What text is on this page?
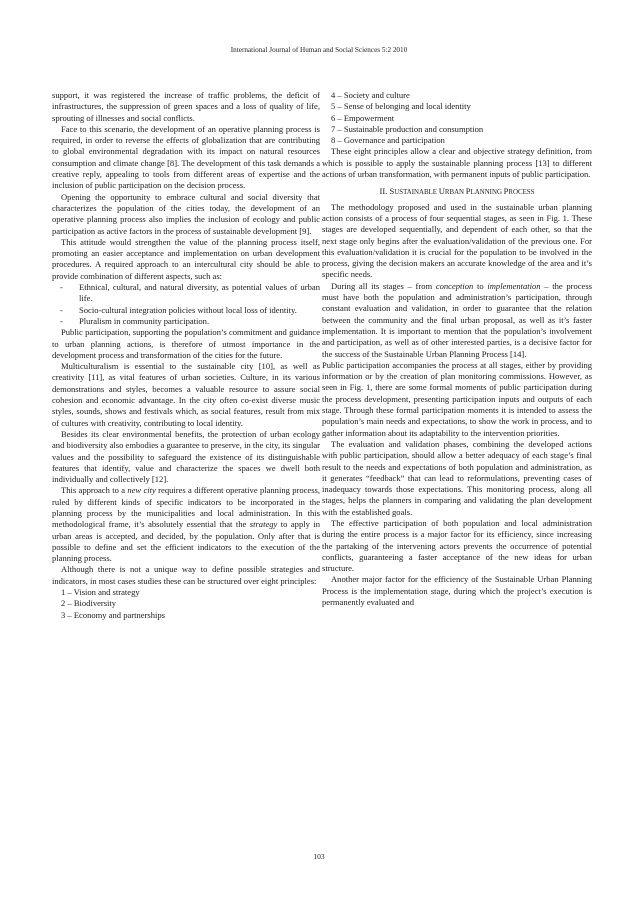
International Journal of Human and Social Sciences 5:2 2010

support, it was registered the increase of traffic problems, the deficit of infrastructures, the suppression of green spaces and a loss of quality of life, sprouting of illnesses and social conflicts.

Face to this scenario, the development of an operative planning process is required, in order to reverse the effects of globalization that are contributing to global environmental degradation with its impact on natural resources consumption and climate change [8]. The development of this task demands a creative reply, appealing to tools from different areas of expertise and the inclusion of public participation on the decision process.

Opening the opportunity to embrace cultural and social diversity that characterizes the population of the cities today, the development of an operative planning process also implies the inclusion of ecology and public participation as active factors in the process of sustainable development [9].

This attitude would strengthen the value of the planning process itself, promoting an easier acceptance and implementation on urban development procedures. A required approach to an intercultural city should be able to provide combination of different aspects, such as:

- Ethnical, cultural, and natural diversity, as potential values of urban life.
- Socio-cultural integration policies without local loss of identity.
- Pluralism in community participation.

Public participation, supporting the population’s commitment and guidance to urban planning actions, is therefore of utmost importance in the development process and transformation of the cities for the future.

Multiculturalism is essential to the sustainable city [10], as well as creativity [11], as vital features of urban societies. Culture, in its various demonstrations and styles, becomes a valuable resource to assure social cohesion and economic advantage. In the city often co-exist diverse music styles, sounds, shows and festivals which, as social features, result from mix of cultures with creativity, contributing to local identity.

Besides its clear environmental benefits, the protection of urban ecology and biodiversity also embodies a guarantee to preserve, in the city, its singular values and the possibility to safeguard the existence of its distinguishable features that identify, value and characterize the spaces we dwell both individually and collectively [12].

This approach to a new city requires a different operative planning process, ruled by different kinds of specific indicators to be incorporated in the planning process by the municipalities and local administration. In this methodological frame, it’s absolutely essential that the strategy to apply in urban areas is accepted, and decided, by the population. Only after that is possible to define and set the efficient indicators to the execution of the planning process.

Although there is not a unique way to define possible strategies and indicators, in most cases studies these can be structured over eight principles:

1 – Vision and strategy
2 – Biodiversity
3 – Economy and partnerships
4 – Society and culture
5 – Sense of belonging and local identity
6 – Empowerment
7 – Sustainable production and consumption
8 – Governance and participation

These eight principles allow a clear and objective strategy definition, from which is possible to apply the sustainable planning process [13] to different actions of urban transformation, with permanent inputs of public participation.

II. SUSTAINABLE URBAN PLANNING PROCESS

The methodology proposed and used in the sustainable urban planning action consists of a process of four sequential stages, as seen in Fig. 1. These stages are developed sequentially, and dependent of each other, so that the next stage only begins after the evaluation/validation of the previous one. For this evaluation/validation it is crucial for the population to be involved in the process, giving the decision makers an accurate knowledge of the area and it’s specific needs.

During all its stages – from conception to implementation – the process must have both the population and administration’s participation, through constant evaluation and validation, in order to guarantee that the relation between the community and the final urban proposal, as well as it’s faster implementation. It is important to mention that the population’s involvement and participation, as well as of other interested parties, is a decisive factor for the success of the Sustainable Urban Planning Process [14].

Public participation accompanies the process at all stages, either by providing information or by the creation of plan monitoring commissions. However, as seen in Fig. 1, there are some formal moments of public participation during the process development, presenting participation inputs and outputs of each stage. Through these formal participation moments it is intended to assess the population’s main needs and expectations, to show the work in process, and to gather information about its adaptability to the intervention priorities.

The evaluation and validation phases, combining the developed actions with public participation, should allow a better adequacy of each stage’s final result to the needs and expectations of both population and administration, as it generates “feedback” that can lead to reformulations, preventing cases of inadequacy towards those expectations. This monitoring process, along all stages, helps the planners in comparing and validating the plan development with the established goals.

The effective participation of both population and local administration during the entire process is a major factor for its efficiency, since increasing the partaking of the intervening actors prevents the occurrence of potential conflicts, guaranteeing a faster acceptance of the new ideas for urban structure.

Another major factor for the efficiency of the Sustainable Urban Planning Process is the implementation stage, during which the project’s execution is permanently evaluated and

103
